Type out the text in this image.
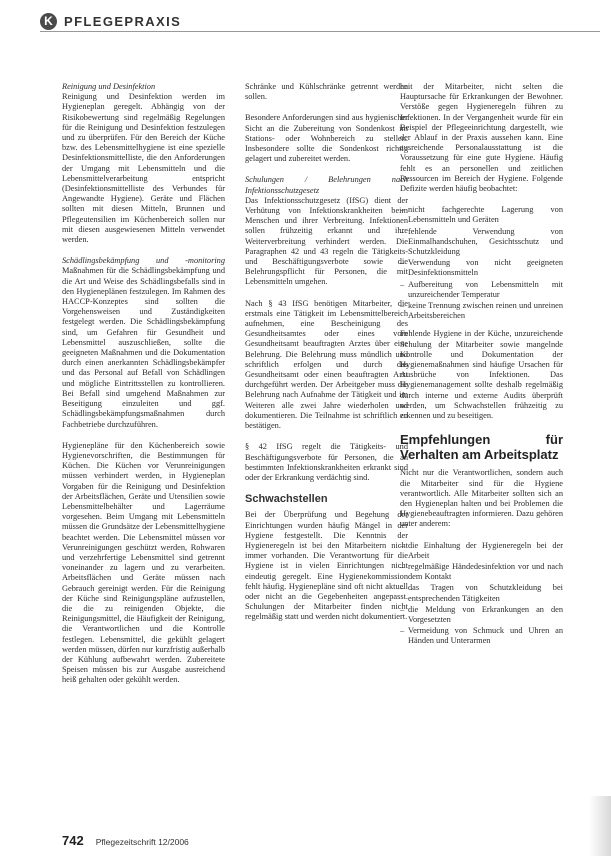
K PFLEGEPRAXIS

Reinigung und Desinfektion
Reinigung und Desinfektion werden im Hygieneplan geregelt. Abhängig von der Risikobewertung sind regelmäßig Regelungen für die Reinigung und Desinfektion festzulegen und zu überprüfen. Für den Bereich der Küche bzw. des Lebensmittelhygiene ist eine spezielle Desinfektionsmittelliste, die den Anforderungen der Umgang mit Lebensmitteln und die Lebensmittelverarbeitung entspricht (Desinfektionsmittelliste des Verbundes für Angewandte Hygiene). Geräte und Flächen sollten mit diesen Mitteln, Brunnen und Pflegeutensilien im Küchenbereich sollen nur mit diesen ausgewiesenen Mitteln verwendet werden.

Schädlingsbekämpfung und -monitoring Maßnahmen für die Schädlingsbekämpfung und die Art und Weise des Schädlingsbefalls sind in den Hygieneplänen festzulegen. Im Rahmen des HACCP-Konzeptes sind sollten die Vorgehensweisen und Zuständigkeiten festgelegt werden. Die Schädlingsbekämpfung sind, um Gefahren für Gesundheit und Lebensmittel auszuschließen, sollte die geeigneten Maßnahmen und die Dokumentation durch einen anerkannten Schädlingsbekämpfer und das Personal auf Befall von Schädlingen und mögliche Eintrittsstellen zu kontrollieren. Bei Befall sind umgehend Maßnahmen zur Beseitigung einzuleiten und ggf. Schädlingsbekämpfungsmaßnahmen durch Fachbetriebe durchzuführen.

Hygienepläne für den Küchenbereich sowie Hygienevorschriften, die Bestimmungen für Küchen. Die Küchen vor Verunreinigungen müssen verhindert werden, in Hygieneplan Vorgaben für die Reinigung und Desinfektion der Arbeitsflächen, Geräte und Utensilien sowie Lebensmittelbehälter und Lagerräume vorgesehen. Beim Umgang mit Lebensmitteln müssen die Grundsätze der Lebensmittelhygiene beachtet werden. Die Lebensmittel müssen vor Verunreinigungen geschützt werden, Rohwaren und verzehrfertige Lebensmittel sind getrennt voneinander zu lagern und zu verarbeiten. Arbeitsflächen und Geräte müssen nach Gebrauch gereinigt werden. Für die Reinigung der Küche sind Reinigungspläne aufzustellen, die die zu reinigenden Objekte, die Reinigungsmittel, die Häufigkeit der Reinigung, die Verantwortlichen und die Kontrolle festlegen. Lebensmittel, die gekühlt gelagert werden müssen, dürfen nur kurzfristig außerhalb der Kühlung aufbewahrt werden. Zubereitete Speisen müssen bis zur Ausgabe ausreichend heiß gehalten oder gekühlt werden.

Schränke und Kühlschränke getrennt werden sollen.

Besondere Anforderungen sind aus hygienischer Sicht an die Zubereitung von Sondenkost im Stations- oder Wohnbereich zu stellen. Insbesondere sollte die Sondenkost richtig gelagert und zubereitet werden.

Schulungen / Belehrungen nach Infektionsschutzgesetz
Das Infektionsschutzgesetz (IfSG) dient der Verhütung von Infektionskrankheiten beim Menschen und ihrer Verbreitung. Infektionen sollen frühzeitig erkannt und ihre Weiterverbreitung verhindert werden. Die Paragraphen 42 und 43 regeln die Tätigkeits- und Beschäftigungsverbote sowie die Belehrungspflicht für Personen, die mit Lebensmitteln umgehen.

Nach § 43 IfSG benötigen Mitarbeiter, die erstmals eine Tätigkeit im Lebensmittelbereich aufnehmen, eine Bescheinigung des Gesundheitsamtes oder eines vom Gesundheitsamt beauftragten Arztes über eine Belehrung. Die Belehrung muss mündlich und schriftlich erfolgen und durch das Gesundheitsamt oder einen beauftragten Arzt durchgeführt werden. Der Arbeitgeber muss die Belehrung nach Aufnahme der Tätigkeit und im Weiteren alle zwei Jahre wiederholen und dokumentieren. Die Teilnahme ist schriftlich zu bestätigen.

§ 42 IfSG regelt die Tätigkeits- und Beschäftigungsverbote für Personen, die an bestimmten Infektionskrankheiten erkrankt sind oder der Erkrankung verdächtig sind.

Schwachstellen

Bei der Überprüfung und Begehung der Einrichtungen wurden häufig Mängel in der Hygiene festgestellt. Die Kenntnis der Hygieneregeln ist bei den Mitarbeitern nicht immer vorhanden. Die Verantwortung für die Hygiene ist in vielen Einrichtungen nicht eindeutig geregelt. Eine Hygienekommission fehlt häufig. Hygienepläne sind oft nicht aktuell oder nicht an die Gegebenheiten angepasst. Schulungen der Mitarbeiter finden nicht regelmäßig statt und werden nicht dokumentiert.

heit der Mitarbeiter, nicht selten die Hauptursache für Erkrankungen der Bewohner. Verstöße gegen Hygieneregeln führen zu Infektionen. In der Vergangenheit wurde für ein Beispiel der Pflegeeinrichtung dargestellt, wie der Ablauf in der Praxis aussehen kann. Eine ausreichende Personalausstattung ist die Voraussetzung für eine gute Hygiene. Häufig fehlt es an personellen und zeitlichen Ressourcen im Bereich der Hygiene. Folgende Defizite werden häufig beobachtet:

– nicht fachgerechte Lagerung von Lebensmitteln und Geräten
– fehlende Verwendung von Einmalhandschuhen, Gesichtsschutz und Schutzkleidung
– Verwendung von nicht geeigneten Desinfektionsmitteln
– Aufbereitung von Lebensmitteln mit unzureichender Temperatur
– keine Trennung zwischen reinen und unreinen Arbeitsbereichen

Fehlende Hygiene in der Küche, unzureichende Schulung der Mitarbeiter sowie mangelnde Kontrolle und Dokumentation der Hygienemaßnahmen sind häufige Ursachen für Ausbrüche von Infektionen. Das Hygienemanagement sollte deshalb regelmäßig durch interne und externe Audits überprüft werden, um Schwachstellen frühzeitig zu erkennen und zu beseitigen.

Empfehlungen für Verhalten am Arbeitsplatz

Nicht nur die Verantwortlichen, sondern auch die Mitarbeiter sind für die Hygiene verantwortlich. Alle Mitarbeiter sollten sich an den Hygieneplan halten und bei Problemen die Hygienebeauftragten informieren. Dazu gehören unter anderem:

– die Einhaltung der Hygieneregeln bei der Arbeit
– regelmäßige Händedesinfektion vor und nach dem Kontakt
– das Tragen von Schutzkleidung bei entsprechenden Tätigkeiten
– die Meldung von Erkrankungen an den Vorgesetzten
– Vermeidung von Schmuck und Uhren an Händen und Unterarmen
742 Pflegezeitschrift 12/2006
